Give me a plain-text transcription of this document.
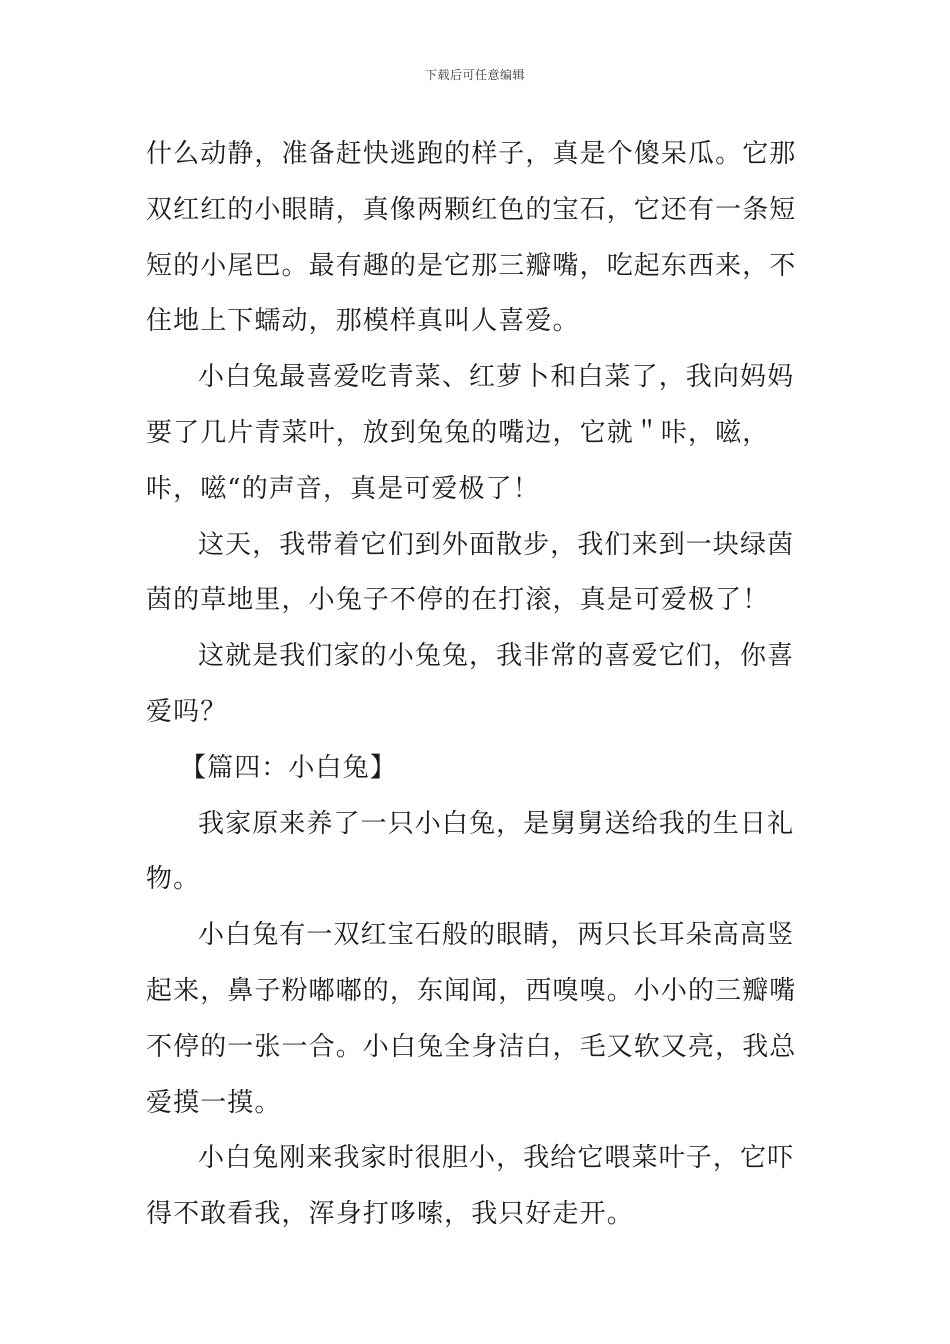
下载后可任意编辑

什么动静，准备赶快逃跑的样子，真是个傻呆瓜。它那双红红的小眼睛，真像两颗红色的宝石，它还有一条短短的小尾巴。最有趣的是它那三瓣嘴，吃起东西来，不住地上下蠕动，那模样真叫人喜爱。

小白兔最喜爱吃青菜、红萝卜和白菜了，我向妈妈要了几片青菜叶，放到兔兔的嘴边，它就＂咔，嗞，咔，嗞“的声音，真是可爱极了！

这天，我带着它们到外面散步，我们来到一块绿茵茵的草地里，小兔子不停的在打滚，真是可爱极了！

这就是我们家的小兔兔，我非常的喜爱它们，你喜爱吗？

【篇四：小白兔】

我家原来养了一只小白兔，是舅舅送给我的生日礼物。

小白兔有一双红宝石般的眼睛，两只长耳朵高高竖起来，鼻子粉嘟嘟的，东闻闻，西嗅嗅。小小的三瓣嘴不停的一张一合。小白兔全身洁白，毛又软又亮，我总爱摸一摸。

小白兔刚来我家时很胆小，我给它喂菜叶子，它吓得不敢看我，浑身打哆嗦，我只好走开。
